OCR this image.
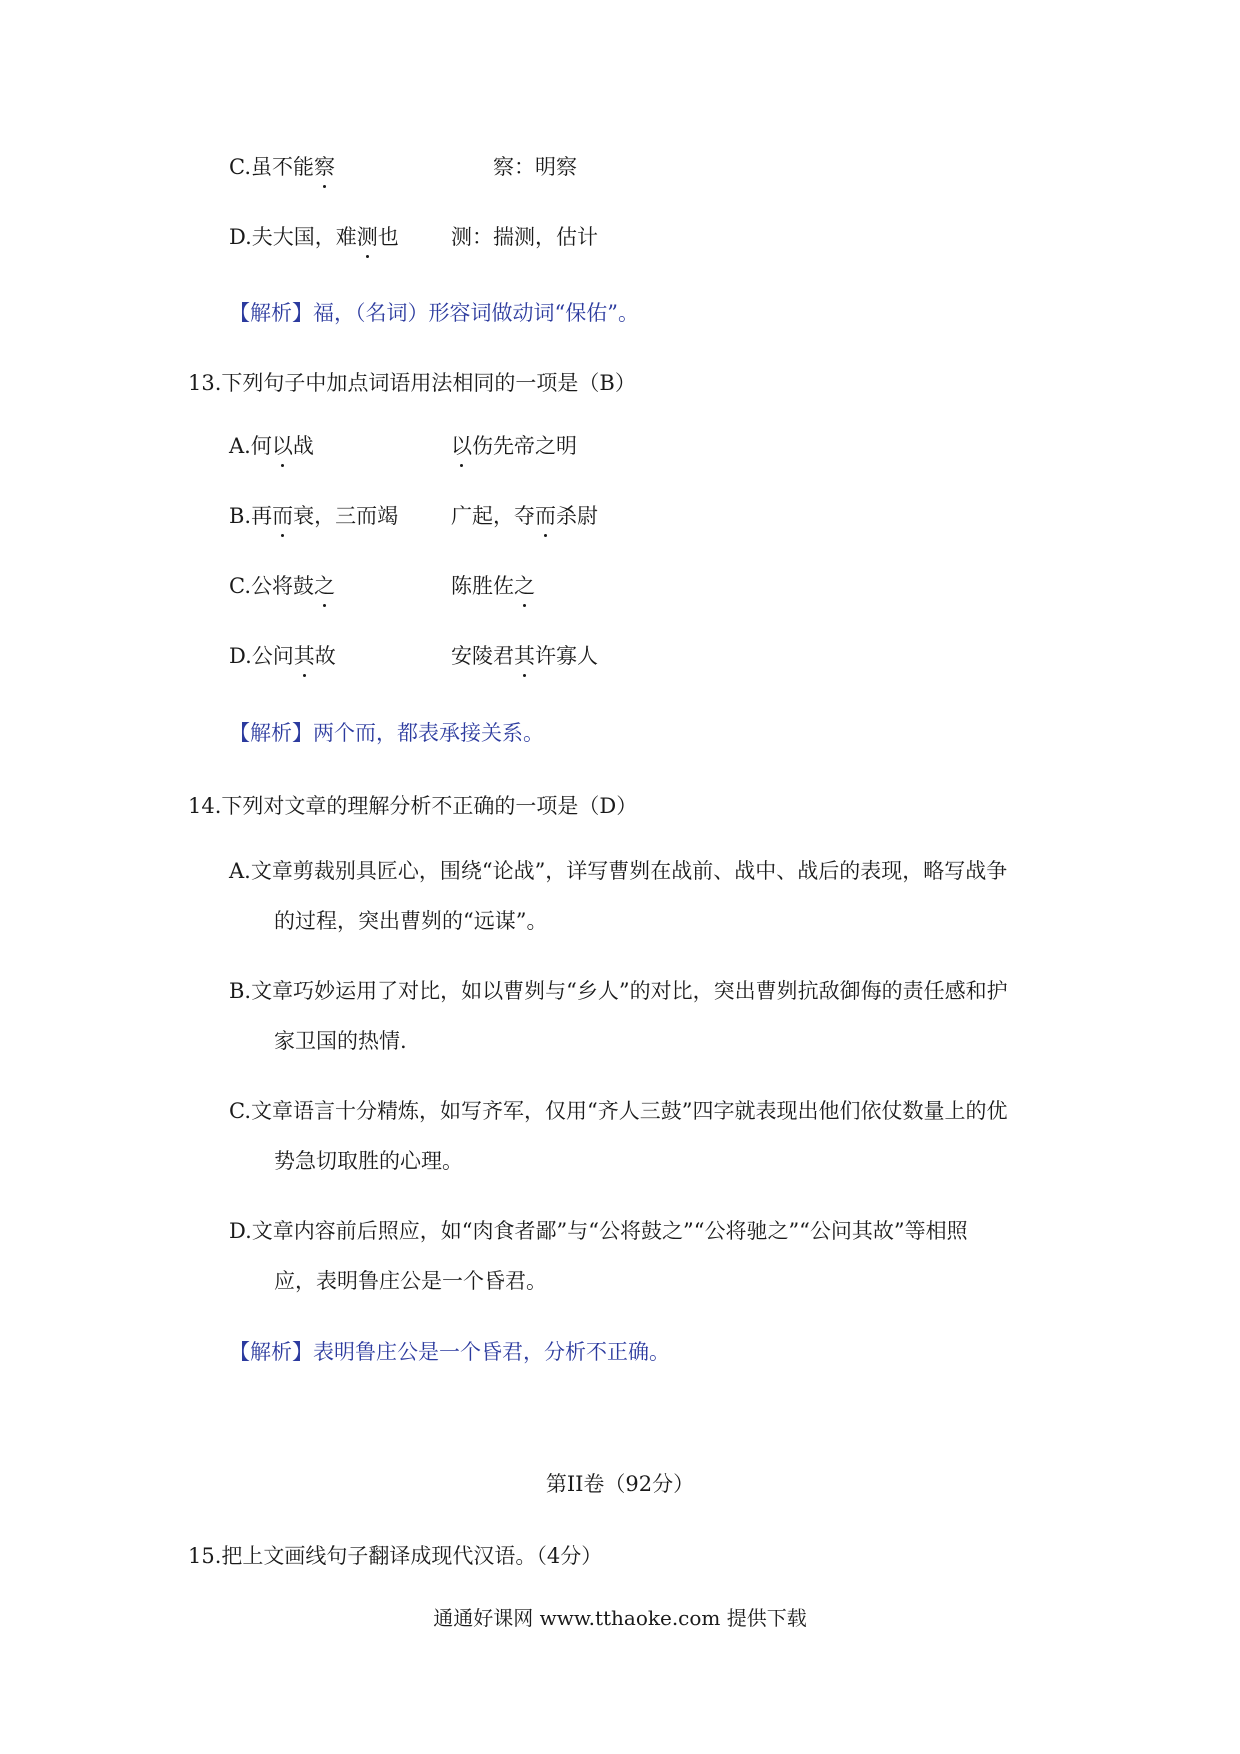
C.虽不能察	察：明察
D.夫大国，难测也 测：揣测，估计
【解析】福，（名词）形容词做动词“保佑”。
13.下列句子中加点词语用法相同的一项是（B）
A.何以战	以伤先帝之明
B.再而衰，三而竭	广起，夺而杀尉
C.公将鼓之	陈胜佐之
D.公问其故	安陵君其许寡人
【解析】两个而，都表承接关系。
14.下列对文章的理解分析不正确的一项是（D）
A.文章剪裁别具匠心，围绕“论战”，详写曹刿在战前、战中、战后的表现，略写战争
的过程，突出曹刿的“远谋”。
B.文章巧妙运用了对比，如以曹刿与“乡人”的对比，突出曹刿抗敌御侮的责任感和护
家卫国的热情.
C.文章语言十分精炼，如写齐军，仅用“齐人三鼓”四字就表现出他们依仗数量上的优
势急切取胜的心理。
D.文章内容前后照应，如“肉食者鄙”与“公将鼓之”“公将驰之”“公问其故”等相照
应，表明鲁庄公是一个昏君。
【解析】表明鲁庄公是一个昏君，分析不正确。
第II卷（92分）
15.把上文画线句子翻译成现代汉语。（4分）
通通好课网 www.tthaoke.com 提供下载
